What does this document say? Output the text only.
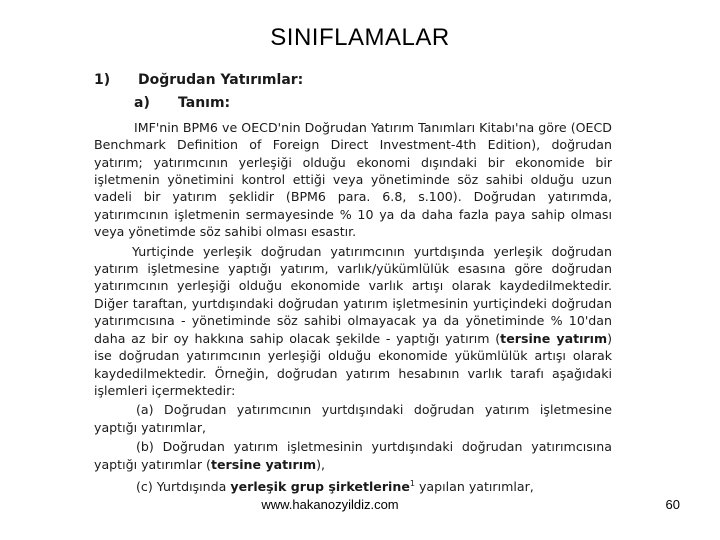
SINIFLAMALAR
1)	Doğrudan Yatırımlar:
a)	Tanım:

IMF'nin BPM6 ve OECD'nin Doğrudan Yatırım Tanımları Kitabı'na göre (OECD Benchmark Definition of Foreign Direct Investment-4th Edition), doğrudan yatırım; yatırımcının yerleşiği olduğu ekonomi dışındaki bir ekonomide bir işletmenin yönetimini kontrol ettiği veya yönetiminde söz sahibi olduğu uzun vadeli bir yatırım şeklidir (BPM6 para. 6.8, s.100). Doğrudan yatırımda, yatırımcının işletmenin sermayesinde % 10 ya da daha fazla paya sahip olması veya yönetimde söz sahibi olması esastır.

Yurtiçinde yerleşik doğrudan yatırımcının yurtdışında yerleşik doğrudan yatırım işletmesine yaptığı yatırım, varlık/yükümlülük esasına göre doğrudan yatırımcının yerleşiği olduğu ekonomide varlık artışı olarak kaydedilmektedir. Diğer taraftan, yurtdışındaki doğrudan yatırım işletmesinin yurtiçindeki doğrudan yatırımcısına - yönetiminde söz sahibi olmayacak ya da yönetiminde % 10'dan daha az bir oy hakkına sahip olacak şekilde - yaptığı yatırım (tersine yatırım) ise doğrudan yatırımcının yerleşiği olduğu ekonomide yükümlülük artışı olarak kaydedilmektedir. Örneğin, doğrudan yatırım hesabının varlık tarafı aşağıdaki işlemleri içermektedir:

(a) Doğrudan yatırımcının yurtdışındaki doğrudan yatırım işletmesine yaptığı yatırımlar,

(b) Doğrudan yatırım işletmesinin yurtdışındaki doğrudan yatırımcısına yaptığı yatırımlar (tersine yatırım),

(c) Yurtdışında yerleşik grup şirketlerine$^1$ yapılan yatırımlar,

www.hakanozyildiz.com	60
